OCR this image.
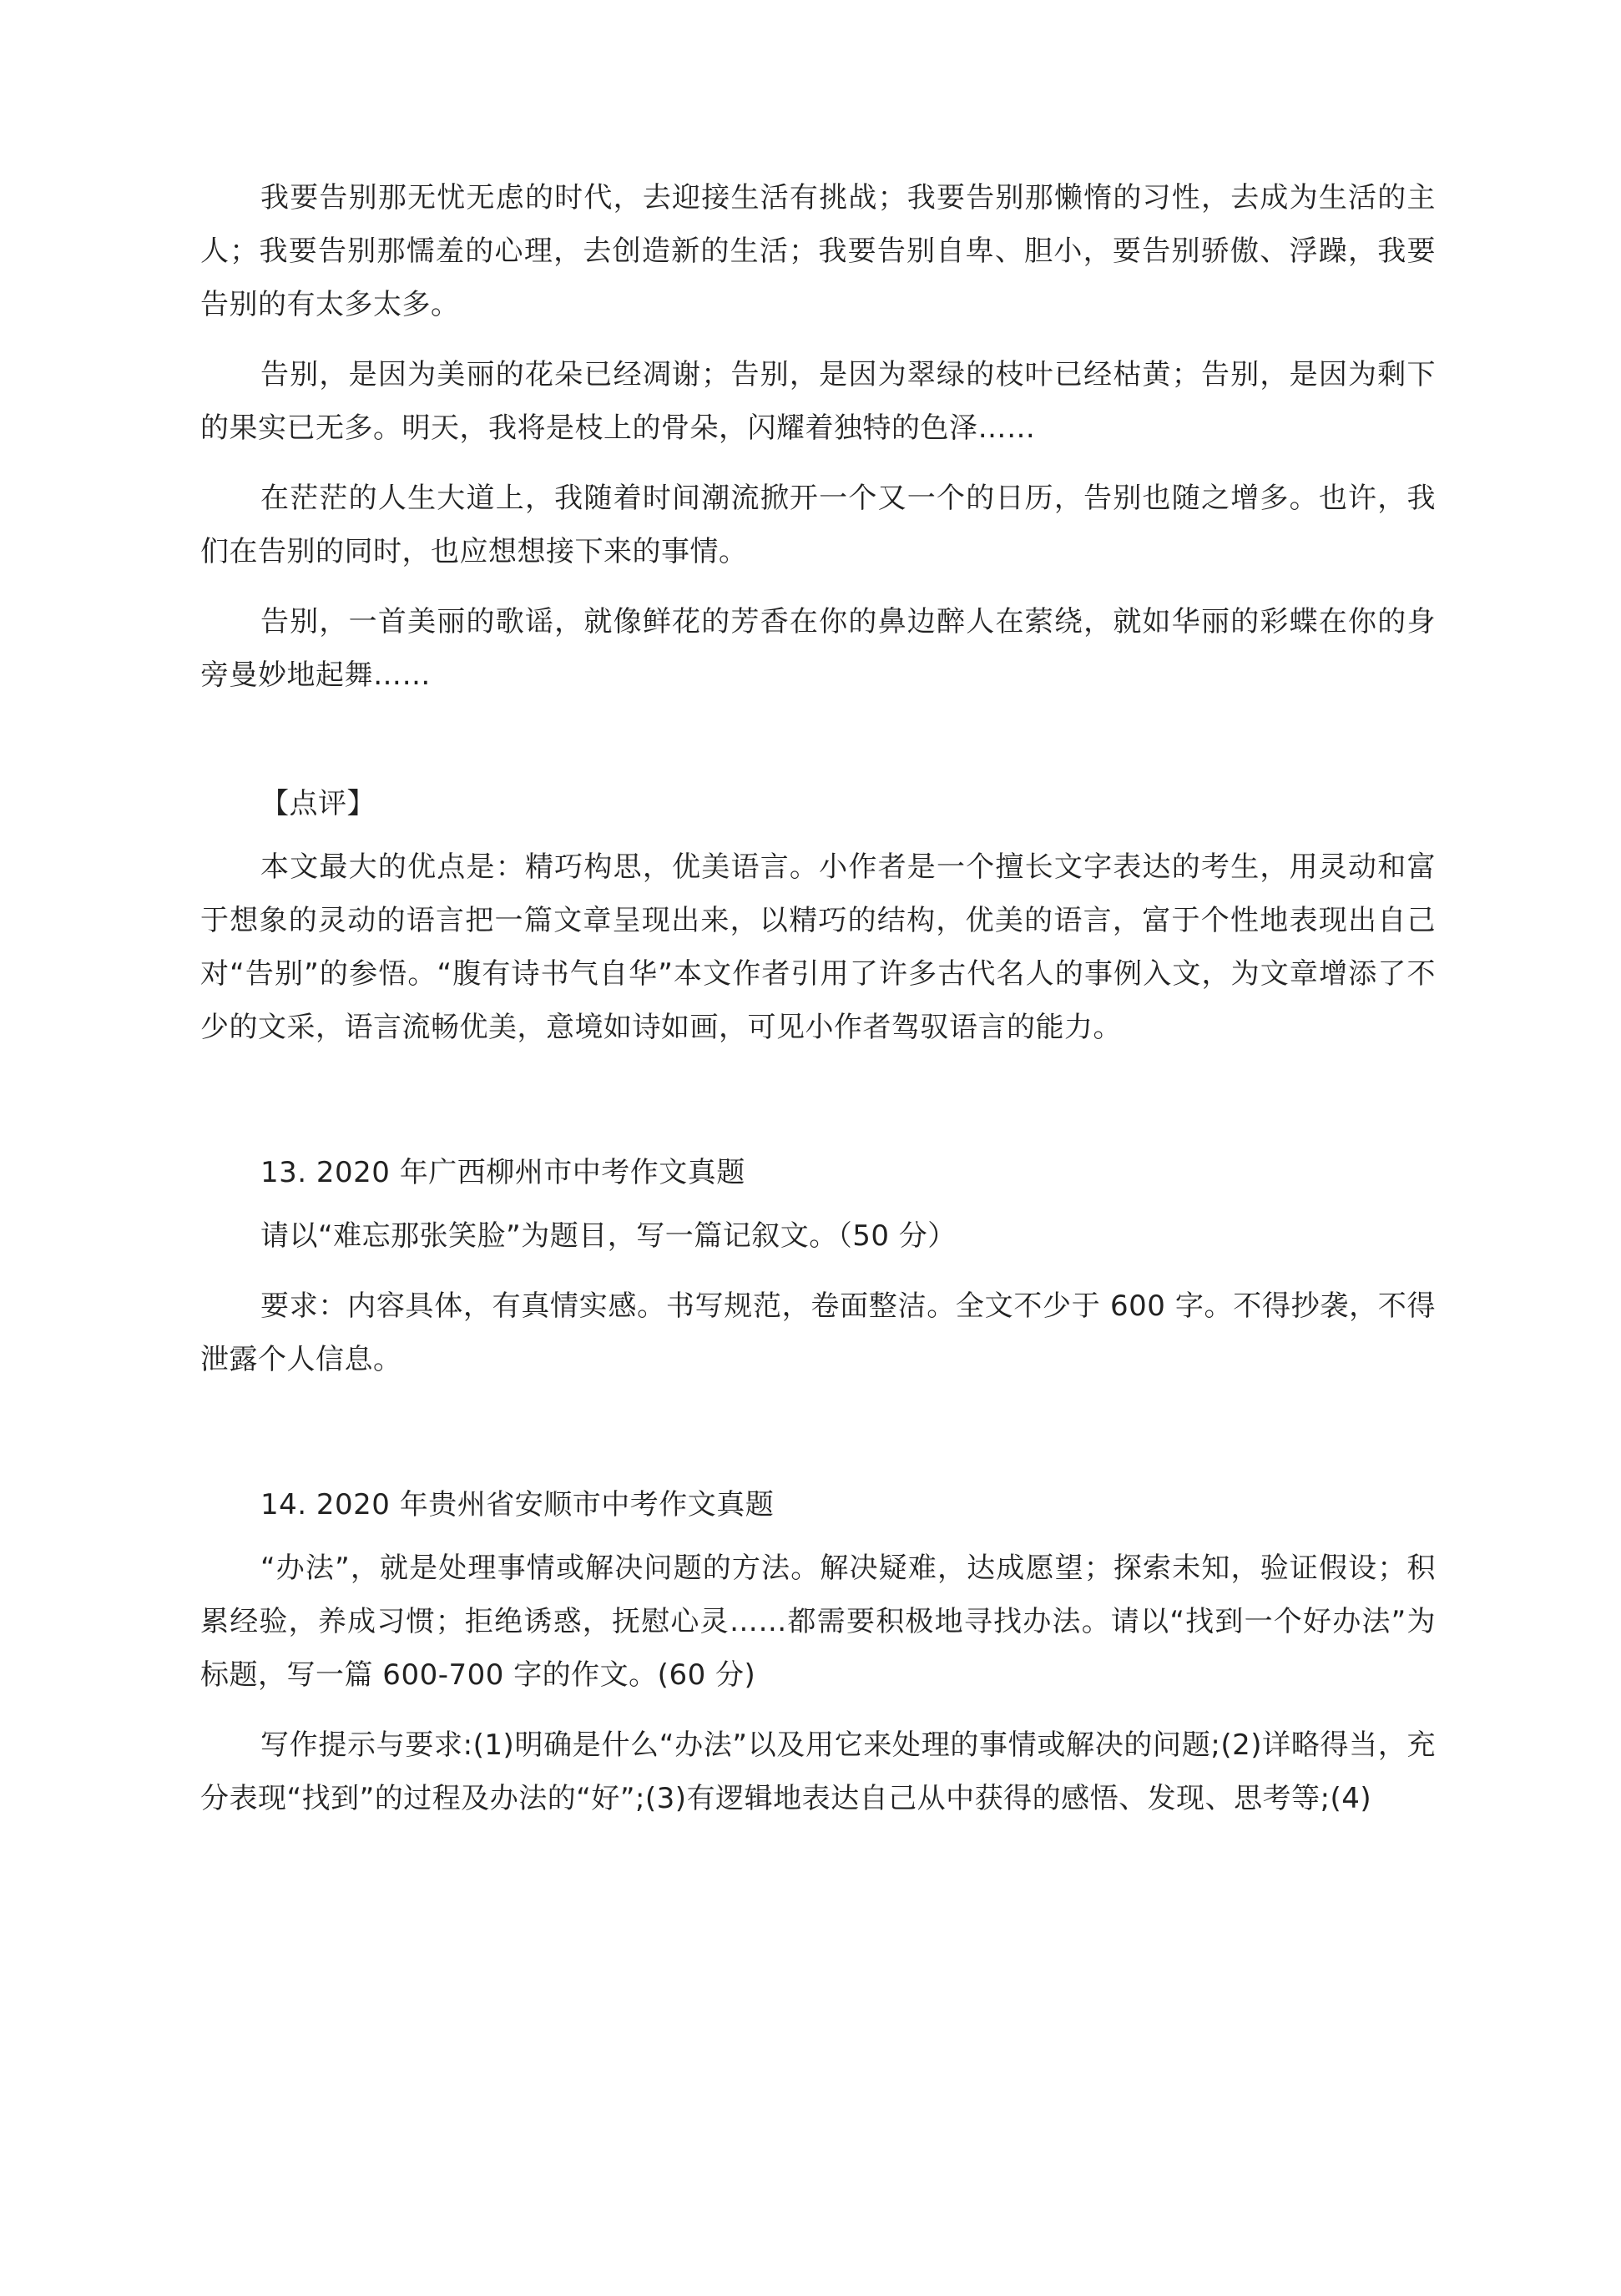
我要告别那无忧无虑的时代，去迎接生活有挑战；我要告别那懒惰的习性，去成为生活的主人；我要告别那懦羞的心理，去创造新的生活；我要告别自卑、胆小，要告别骄傲、浮躁，我要告别的有太多太多。

告别，是因为美丽的花朵已经凋谢；告别，是因为翠绿的枝叶已经枯黄；告别，是因为剩下的果实已无多。明天，我将是枝上的骨朵，闪耀着独特的色泽……

在茫茫的人生大道上，我随着时间潮流掀开一个又一个的日历，告别也随之增多。也许，我们在告别的同时，也应想想接下来的事情。

告别，一首美丽的歌谣，就像鲜花的芳香在你的鼻边醉人在萦绕，就如华丽的彩蝶在你的身旁曼妙地起舞……

【点评】

本文最大的优点是：精巧构思，优美语言。小作者是一个擅长文字表达的考生，用灵动和富于想象的灵动的语言把一篇文章呈现出来，以精巧的结构，优美的语言，富于个性地表现出自己对“告别”的参悟。“腹有诗书气自华”本文作者引用了许多古代名人的事例入文，为文章增添了不少的文采，语言流畅优美，意境如诗如画，可见小作者驾驭语言的能力。

13. 2020 年广西柳州市中考作文真题

请以“难忘那张笑脸”为题目，写一篇记叙文。（50 分）

要求：内容具体，有真情实感。书写规范，卷面整洁。全文不少于 600 字。不得抄袭，不得泄露个人信息。

14. 2020 年贵州省安顺市中考作文真题

“办法”，就是处理事情或解决问题的方法。解决疑难，达成愿望；探索未知，验证假设；积累经验，养成习惯；拒绝诱惑，抚慰心灵……都需要积极地寻找办法。请以“找到一个好办法”为标题，写一篇 600-700 字的作文。(60 分)

写作提示与要求:(1)明确是什么“办法”以及用它来处理的事情或解决的问题;(2)详略得当，充分表现“找到”的过程及办法的“好”;(3)有逻辑地表达自己从中获得的感悟、发现、思考等;(4)
